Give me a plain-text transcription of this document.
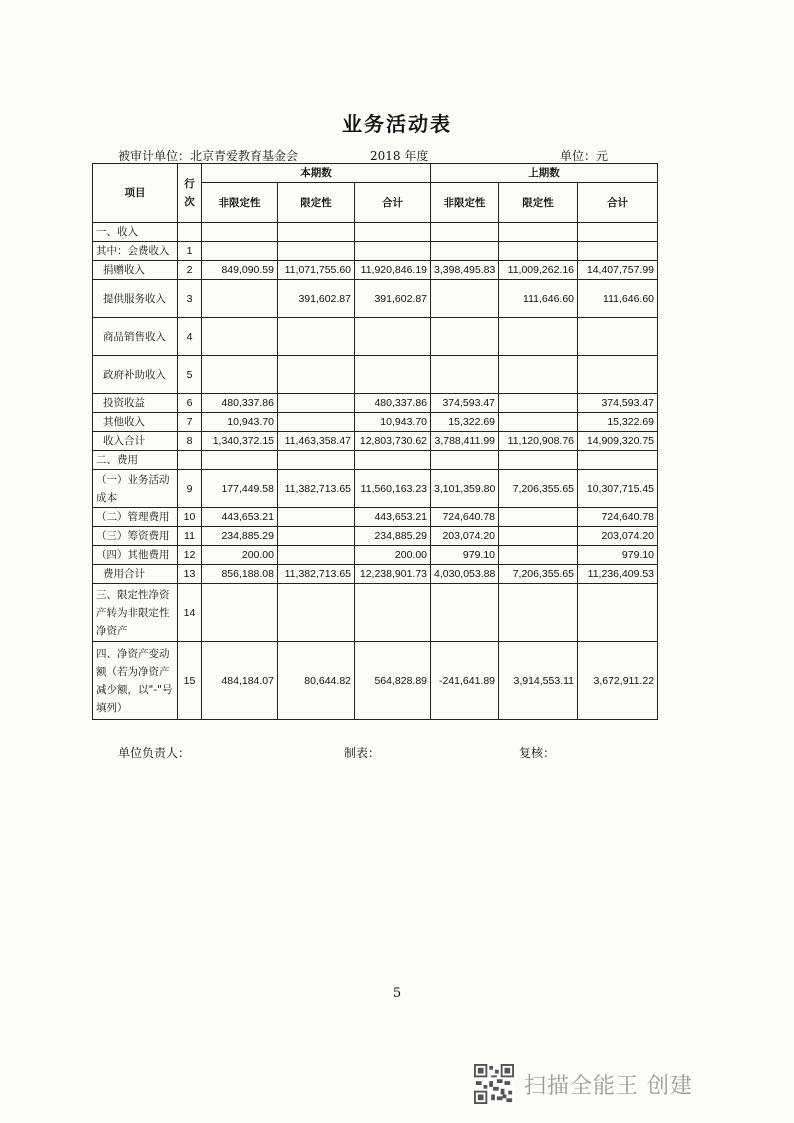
业务活动表
被审计单位：北京青爱教育基金会	2018 年度	单位：元
项目	行次	本期数			上期数		
		非限定性	限定性	合计	非限定性	限定性	合计
一、收入							
其中：会费收入	1						
捐赠收入	2	849,090.59	11,071,755.60	11,920,846.19	3,398,495.83	11,009,262.16	14,407,757.99
提供服务收入	3		391,602.87	391,602.87		111,646.60	111,646.60
商品销售收入	4						
政府补助收入	5						
投资收益	6	480,337.86		480,337.86	374,593.47		374,593.47
其他收入	7	10,943.70		10,943.70	15,322.69		15,322.69
收入合计	8	1,340,372.15	11,463,358.47	12,803,730.62	3,788,411.99	11,120,908.76	14,909,320.75
二、费用							
（一）业务活动成本	9	177,449.58	11,382,713.65	11,560,163.23	3,101,359.80	7,206,355.65	10,307,715.45
（二）管理费用	10	443,653.21		443,653.21	724,640.78		724,640.78
（三）筹资费用	11	234,885.29		234,885.29	203,074.20		203,074.20
（四）其他费用	12	200.00		200.00	979.10		979.10
费用合计	13	856,188.08	11,382,713.65	12,238,901.73	4,030,053.88	7,206,355.65	11,236,409.53
三、限定性净资产转为非限定性净资产	14						
四、净资产变动额（若为净资产减少额，以"-"号填列）	15	484,184.07	80,644.82	564,828.89	-241,641.89	3,914,553.11	3,672,911.22
单位负责人：	制表：	复核：
5
扫描全能王 创建
